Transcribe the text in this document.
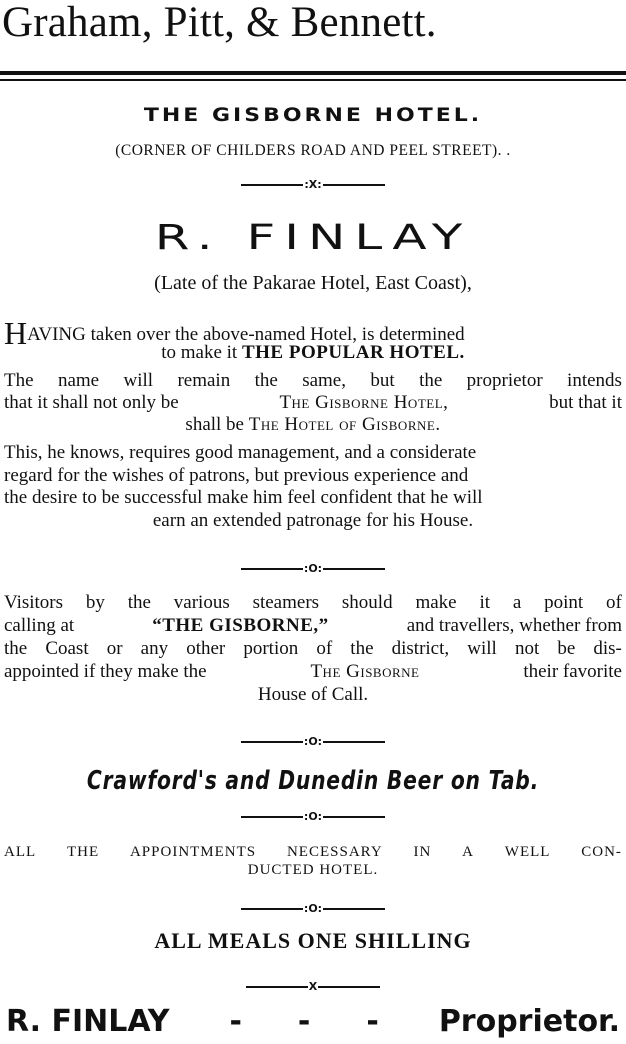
Graham, Pitt, & Bennett.
THE GISBORNE HOTEL.
(CORNER OF CHILDERS ROAD AND PEEL STREET). .
:X:
R. FINLAY
(Late of the Pakarae Hotel, East Coast),
HAVING taken over the above-named Hotel, is determined
to make it THE POPULAR HOTEL.
The name will remain the same, but the proprietor intends
that it shall not only be	The Gisborne Hotel,	but that it
shall be The Hotel of Gisborne.
This, he knows, requires good management, and a considerate
regard for the wishes of patrons, but previous experience and
the desire to be successful make him feel confident that he will
earn an extended patronage for his House.
:O:
Visitors by the various steamers should make it a point of
calling at	“THE GISBORNE,”	and travellers, whether from
the Coast or any other portion of the district, will not be dis-
appointed if they make the	The Gisborne	their favorite
House of Call.
:O:
Crawford's and Dunedin Beer on Tab.
:O:
ALL THE APPOINTMENTS NECESSARY IN A WELL CON-
DUCTED HOTEL.
:O:
ALL MEALS ONE SHILLING
X
R. FINLAY	- - -	Proprietor.
